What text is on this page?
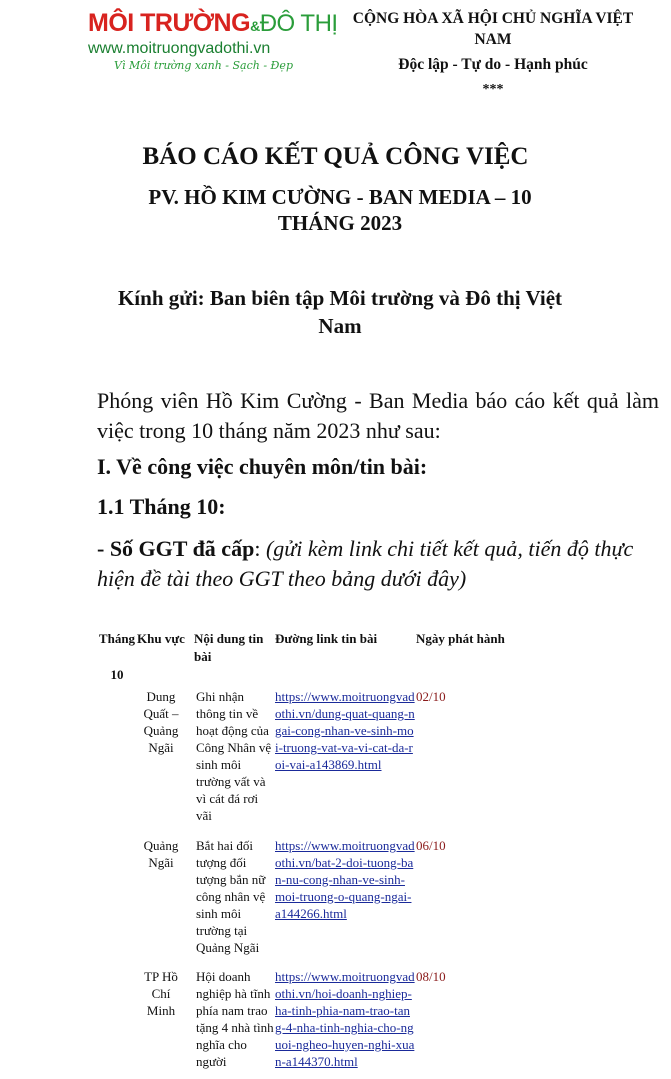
MÔI TRƯỜNG&ĐÔ THỊ
www.moitruongvadothi.vn
Vì Môi trường xanh - Sạch - Đẹp
CỘNG HÒA XÃ HỘI CHỦ NGHĨA VIỆT NAM
Độc lập - Tự do - Hạnh phúc
***
BÁO CÁO KẾT QUẢ CÔNG VIỆC
PV. HỒ KIM CƯỜNG - BAN MEDIA – 10 THÁNG 2023
Kính gửi: Ban biên tập Môi trường và Đô thị Việt Nam
Phóng viên Hồ Kim Cường - Ban Media báo cáo kết quả làm việc trong 10 tháng năm 2023 như sau:
I. Về công việc chuyên môn/tin bài:
1.1 Tháng 10:
- Số GGT đã cấp: (gửi kèm link chi tiết kết quả, tiến độ thực hiện đề tài theo GGT theo bảng dưới đây)
Tháng

10
Khu vực Nội dung tin bài
Đường link tin bài	Ngày phát hành
Dung Quất – Quảng Ngãi
Ghi nhận thông tin về hoạt động của Công Nhân vệ sinh môi trường vất và vì cát đá rơi vãi
https://www.moitruongvadothi.vn/dung-quat-quang-ngai-cong-nhan-ve-sinh-moi-truong-vat-va-vi-cat-da-roi-vai-a143869.html
02/10
Quảng Ngãi
Bắt hai đối tượng đối tượng bắn nữ công nhân vệ sinh môi trường tại Quảng Ngãi
https://www.moitruongvadothi.vn/bat-2-doi-tuong-ban-nu-cong-nhan-ve-sinh-moi-truong-o-quang-ngai-a144266.html
06/10
TP Hồ Chí Minh
Hội doanh nghiệp hà tĩnh phía nam trao tặng 4 nhà tình nghĩa cho người
https://www.moitruongvadothi.vn/hoi-doanh-nghiep-ha-tinh-phia-nam-trao-tang-4-nha-tinh-nghia-cho-nguoi-ngheo-huyen-nghi-xuan-a144370.html
08/10
